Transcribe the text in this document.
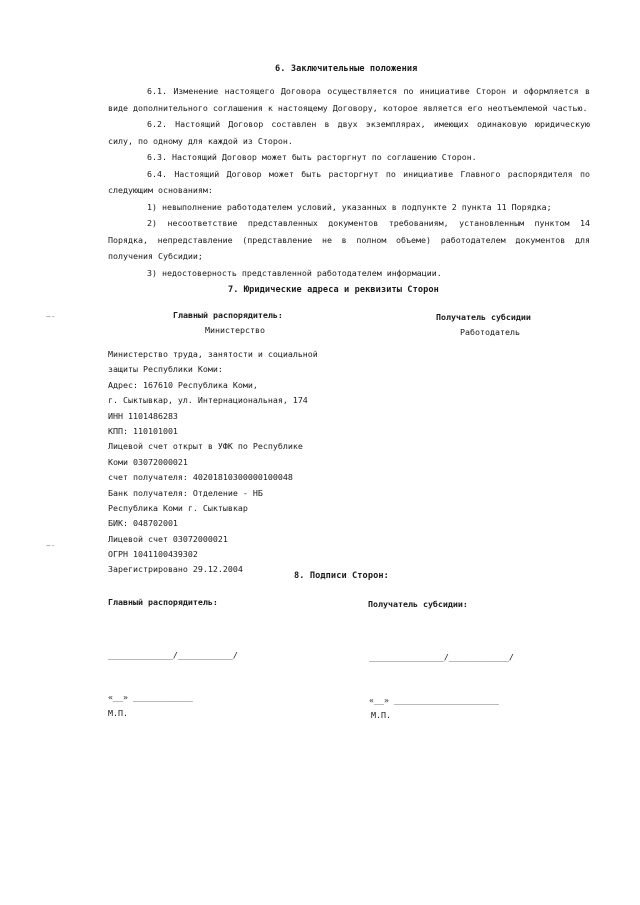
6. Заключительные положения

6.1. Изменение настоящего Договора осуществляется по инициативе Сторон и оформляется в виде дополнительного соглашения к настоящему Договору, которое является его неотъемлемой частью.

6.2. Настоящий Договор составлен в двух экземплярах, имеющих одинаковую юридическую силу, по одному для каждой из Сторон.

6.3. Настоящий Договор может быть расторгнут по соглашению Сторон.

6.4. Настоящий Договор может быть расторгнут по инициативе Главного распорядителя по следующим основаниям:

1) невыполнение работодателем условий, указанных в подпункте 2 пункта 11 Порядка;

2) несоответствие представленных документов требованиям, установленным пунктом 14 Порядка, непредставление (представление не в полном объеме) работодателем документов для получения Субсидии;

3) недостоверность представленной работодателем информации.

7. Юридические адреса и реквизиты Сторон
Главный распорядитель:
Министерство
Получатель субсидии
Работодатель
Министерство труда, занятости и социальной
защиты Республики Коми:
Адрес: 167610 Республика Коми,
г. Сыктывкар, ул. Интернациональная, 174
ИНН 1101486283
КПП: 110101001
Лицевой счет открыт в УФК по Республике
Коми 03072000021
счет получателя: 40201810300000100048
Банк получателя: Отделение - НБ
Республика Коми г. Сыктывкар
БИК: 048702001
Лицевой счет 03072000021
ОГРН 1041100439302
Зарегистрировано 29.12.2004
8. Подписи Сторон:
Главный распорядитель:	Получатель субсидии:
_____________/___________/	_______________/____________/
«__» ____________
М.П.
«__» _____________________
М.П.
~-
~-
